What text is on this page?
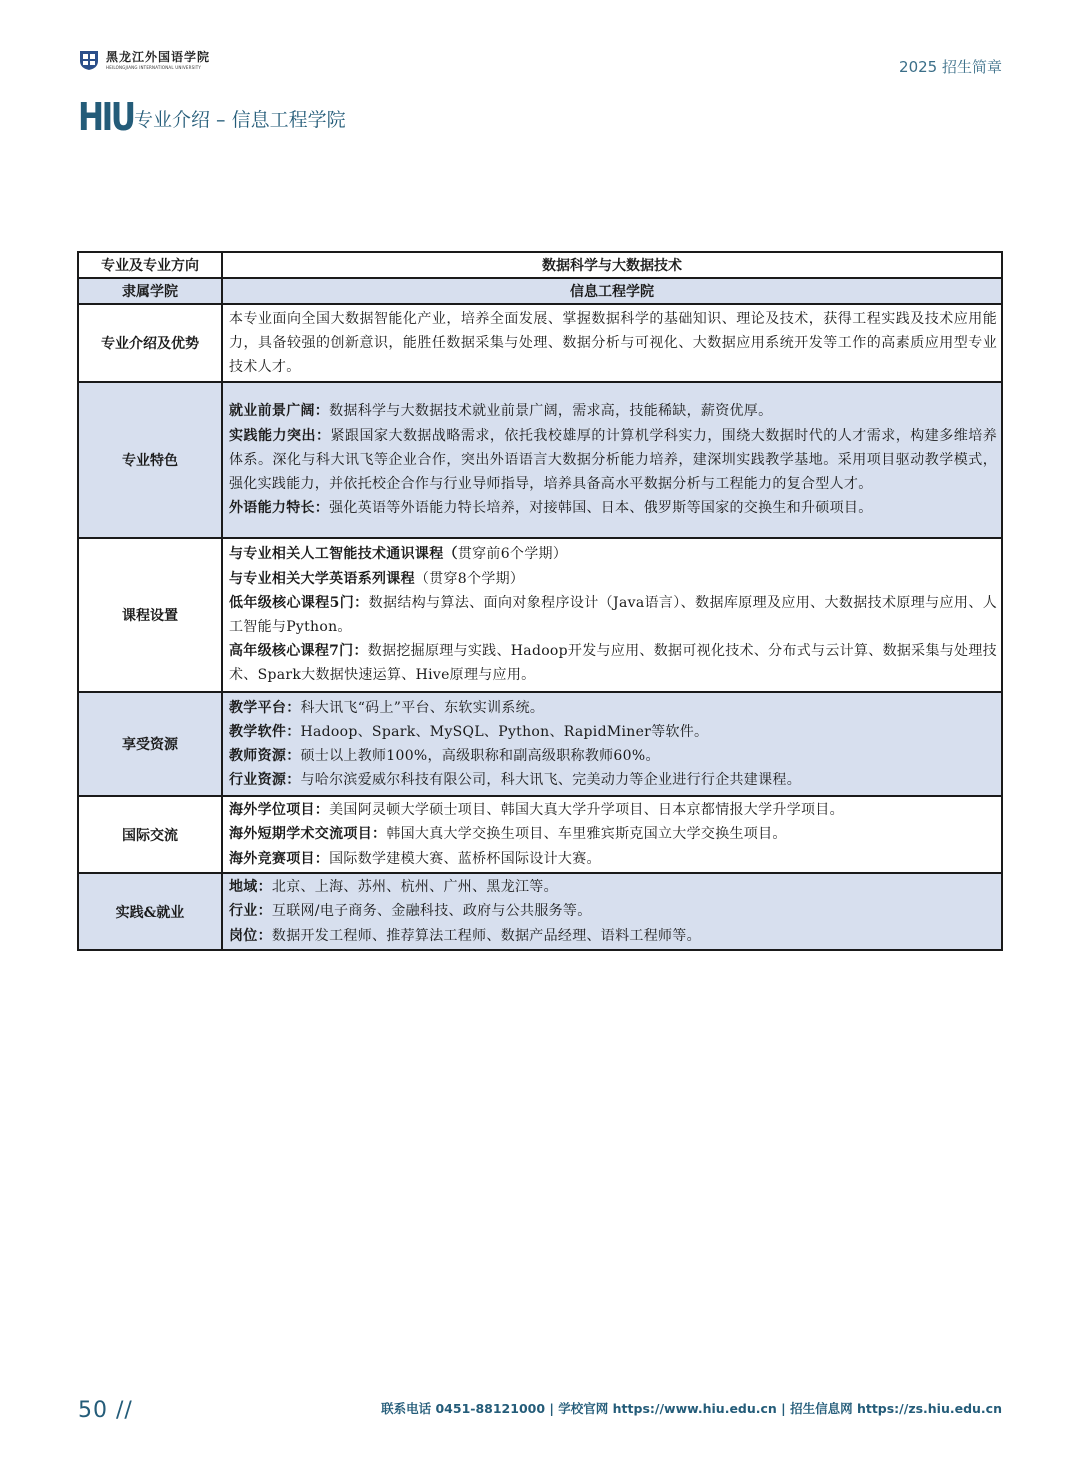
黑龙江外国语学院
HEILONGJIANG INTERNATIONAL UNIVERSITY	2025 招生简章
HIU 专业介绍 – 信息工程学院
专业及专业方向	数据科学与大数据技术
隶属学院	信息工程学院
专业介绍及优势	本专业面向全国大数据智能化产业，培养全面发展、掌握数据科学的基础知识、理论及技术，获得工程实践及技术应用能力，具备较强的创新意识，能胜任数据采集与处理、数据分析与可视化、大数据应用系统开发等工作的高素质应用型专业技术人才。
专业特色	就业前景广阔：数据科学与大数据技术就业前景广阔，需求高，技能稀缺，薪资优厚。

实践能力突出：紧跟国家大数据战略需求，依托我校雄厚的计算机学科实力，围绕大数据时代的人才需求，构建多维培养体系。深化与科大讯飞等企业合作，突出外语语言大数据分析能力培养，建深圳实践教学基地。采用项目驱动教学模式，强化实践能力，并依托校企合作与行业导师指导，培养具备高水平数据分析与工程能力的复合型人才。

外语能力特长：强化英语等外语能力特长培养，对接韩国、日本、俄罗斯等国家的交换生和升硕项目。

课程设置	与专业相关人工智能技术通识课程（贯穿前6个学期）

与专业相关大学英语系列课程（贯穿8个学期）

低年级核心课程5门：数据结构与算法、面向对象程序设计（Java语言）、数据库原理及应用、大数据技术原理与应用、人工智能与Python。

高年级核心课程7门：数据挖掘原理与实践、Hadoop开发与应用、数据可视化技术、分布式与云计算、数据采集与处理技术、Spark大数据快速运算、Hive原理与应用。

享受资源	教学平台：科大讯飞“码上”平台、东软实训系统。

教学软件：Hadoop、Spark、MySQL、Python、RapidMiner等软件。

教师资源：硕士以上教师100%，高级职称和副高级职称教师60%。

行业资源：与哈尔滨爱威尔科技有限公司，科大讯飞、完美动力等企业进行行企共建课程。

国际交流	海外学位项目：美国阿灵顿大学硕士项目、韩国大真大学升学项目、日本京都情报大学升学项目。

海外短期学术交流项目：韩国大真大学交换生项目、车里雅宾斯克国立大学交换生项目。

海外竞赛项目：国际数学建模大赛、蓝桥杯国际设计大赛。

实践&就业	地域：北京、上海、苏州、杭州、广州、黑龙江等。

行业：互联网/电子商务、金融科技、政府与公共服务等。

岗位：数据开发工程师、推荐算法工程师、数据产品经理、语料工程师等。

50 //	联系电话 0451-88121000 | 学校官网 https://www.hiu.edu.cn | 招生信息网 https://zs.hiu.edu.cn
